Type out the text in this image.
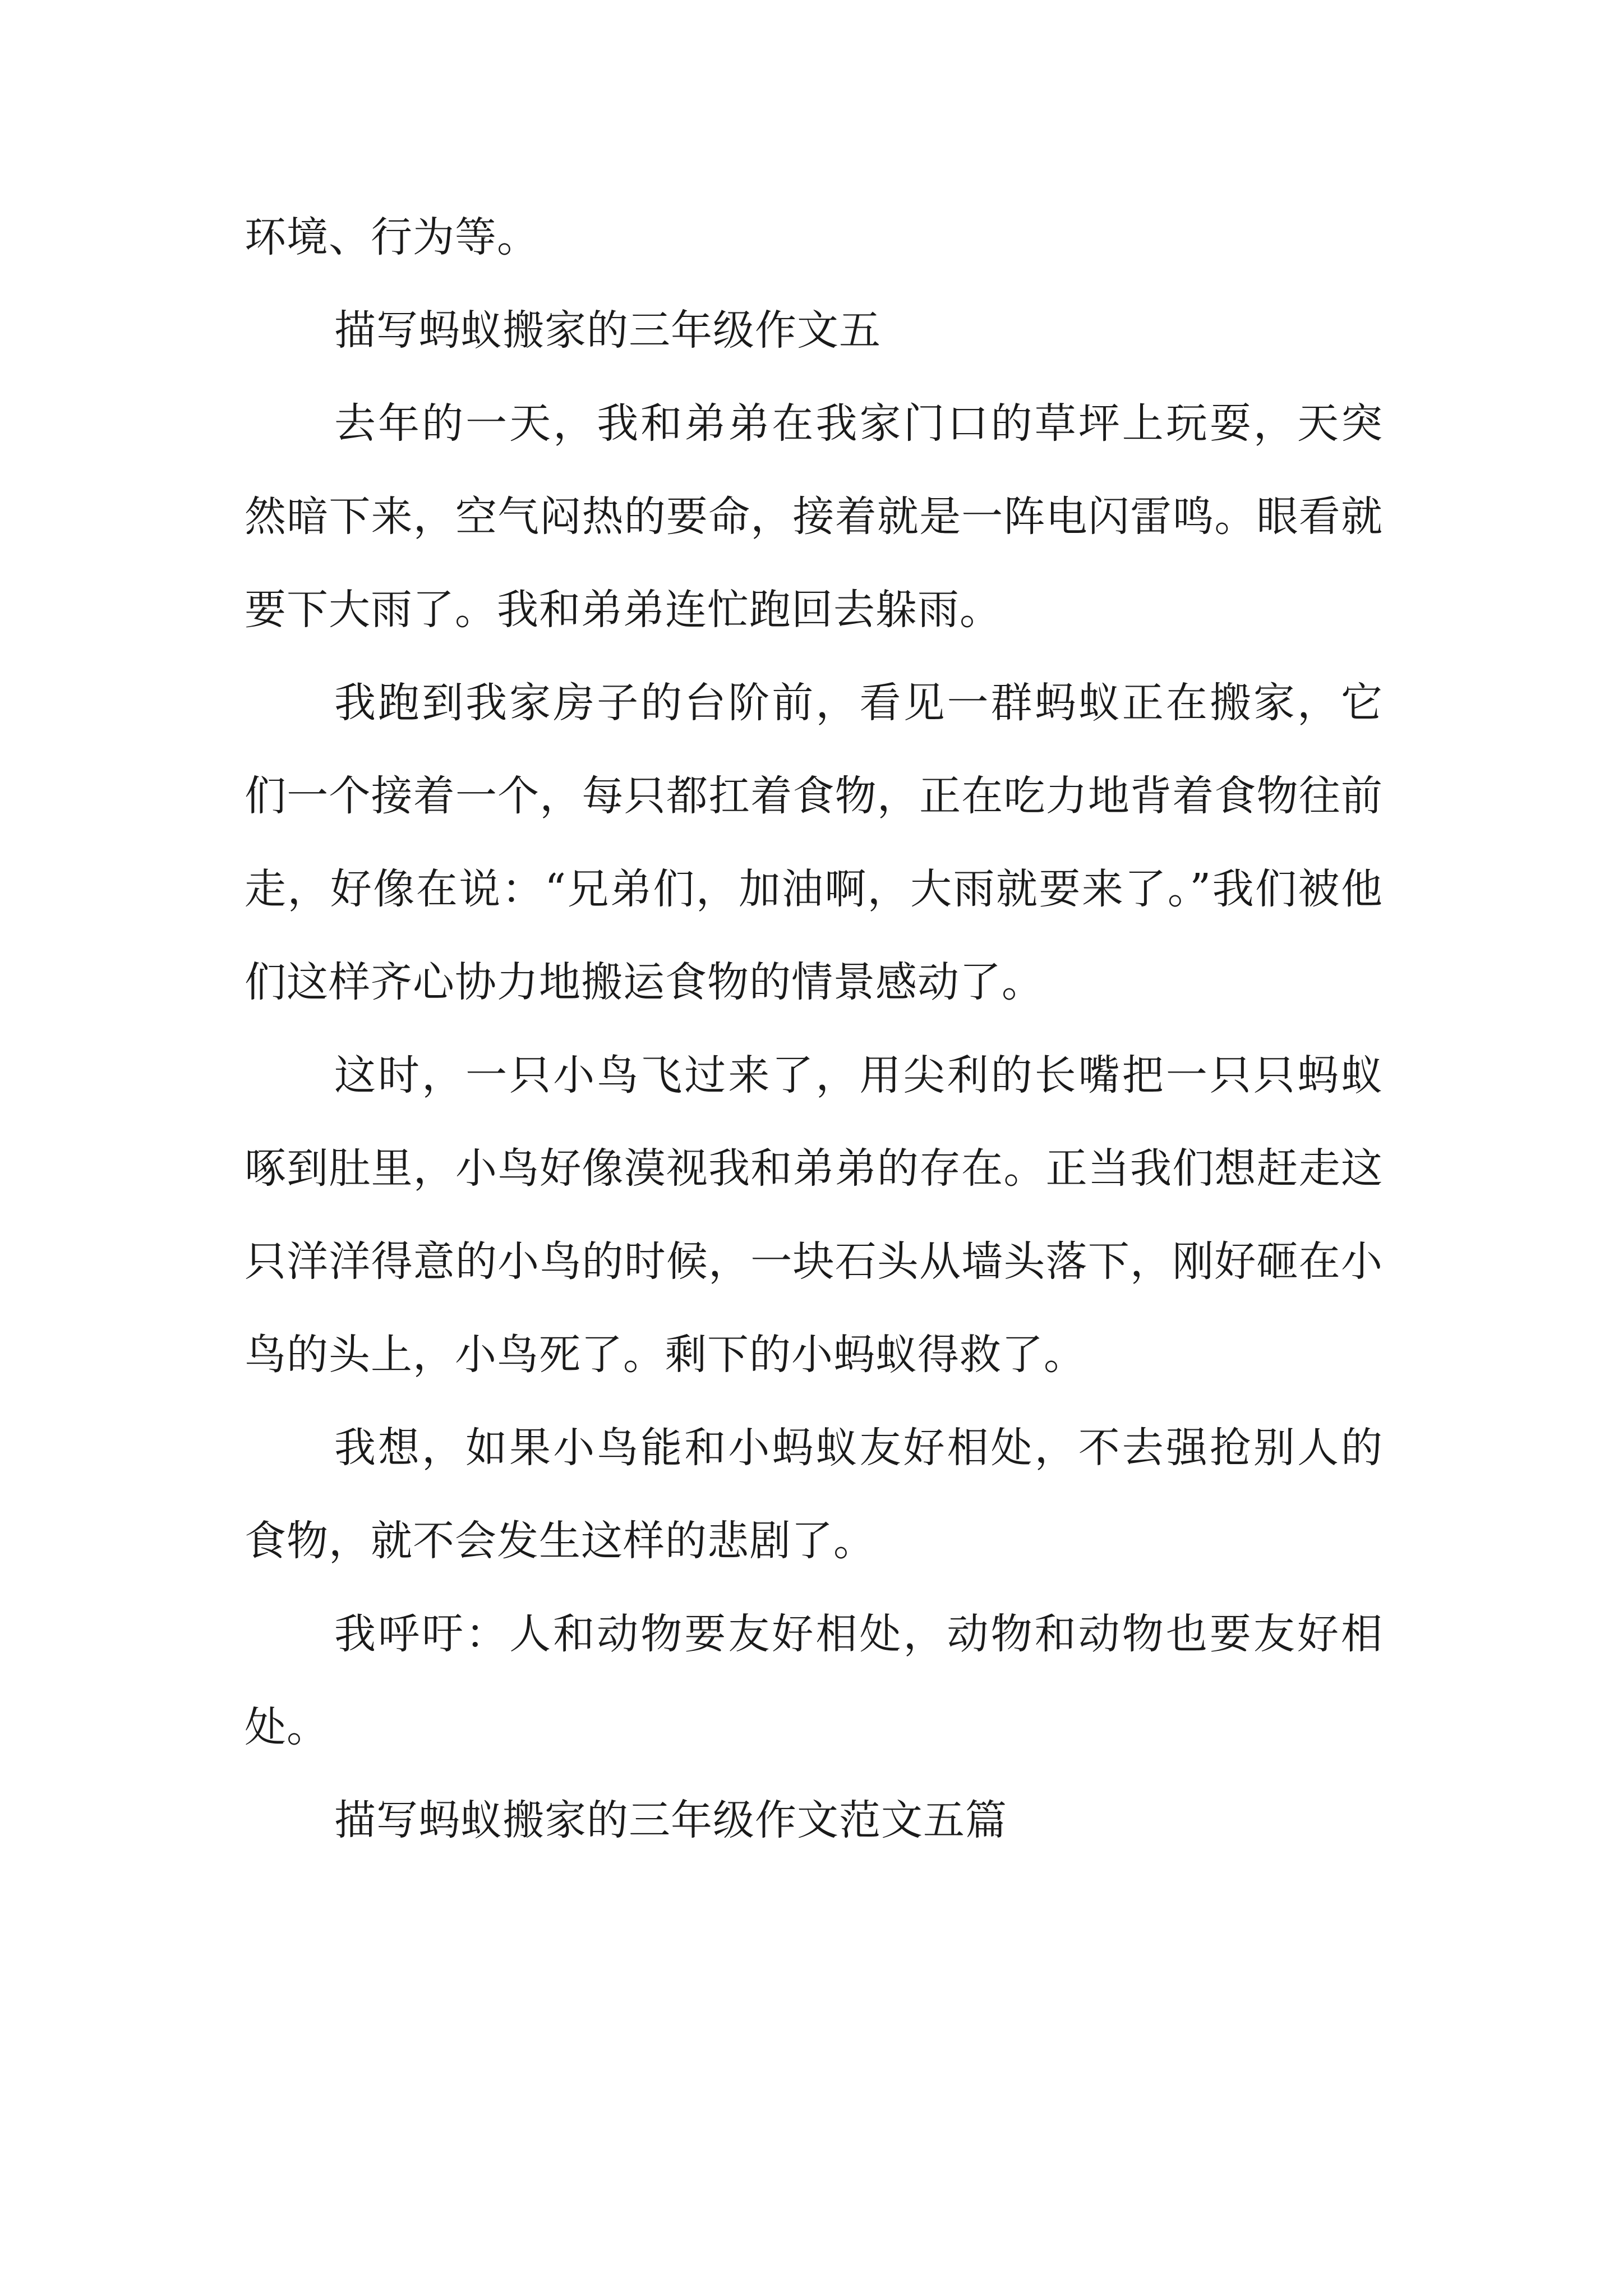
环境、行为等。

描写蚂蚁搬家的三年级作文五

去年的一天，我和弟弟在我家门口的草坪上玩耍，天突然暗下来，空气闷热的要命，接着就是一阵电闪雷鸣。眼看就要下大雨了。我和弟弟连忙跑回去躲雨。

我跑到我家房子的台阶前，看见一群蚂蚁正在搬家，它们一个接着一个，每只都扛着食物，正在吃力地背着食物往前走，好像在说：“兄弟们，加油啊，大雨就要来了。”我们被他们这样齐心协力地搬运食物的情景感动了。

这时，一只小鸟飞过来了，用尖利的长嘴把一只只蚂蚁啄到肚里，小鸟好像漠视我和弟弟的存在。正当我们想赶走这只洋洋得意的小鸟的时候，一块石头从墙头落下，刚好砸在小鸟的头上，小鸟死了。剩下的小蚂蚁得救了。

我想，如果小鸟能和小蚂蚁友好相处，不去强抢别人的食物，就不会发生这样的悲剧了。

我呼吁：人和动物要友好相处，动物和动物也要友好相处。

描写蚂蚁搬家的三年级作文范文五篇
